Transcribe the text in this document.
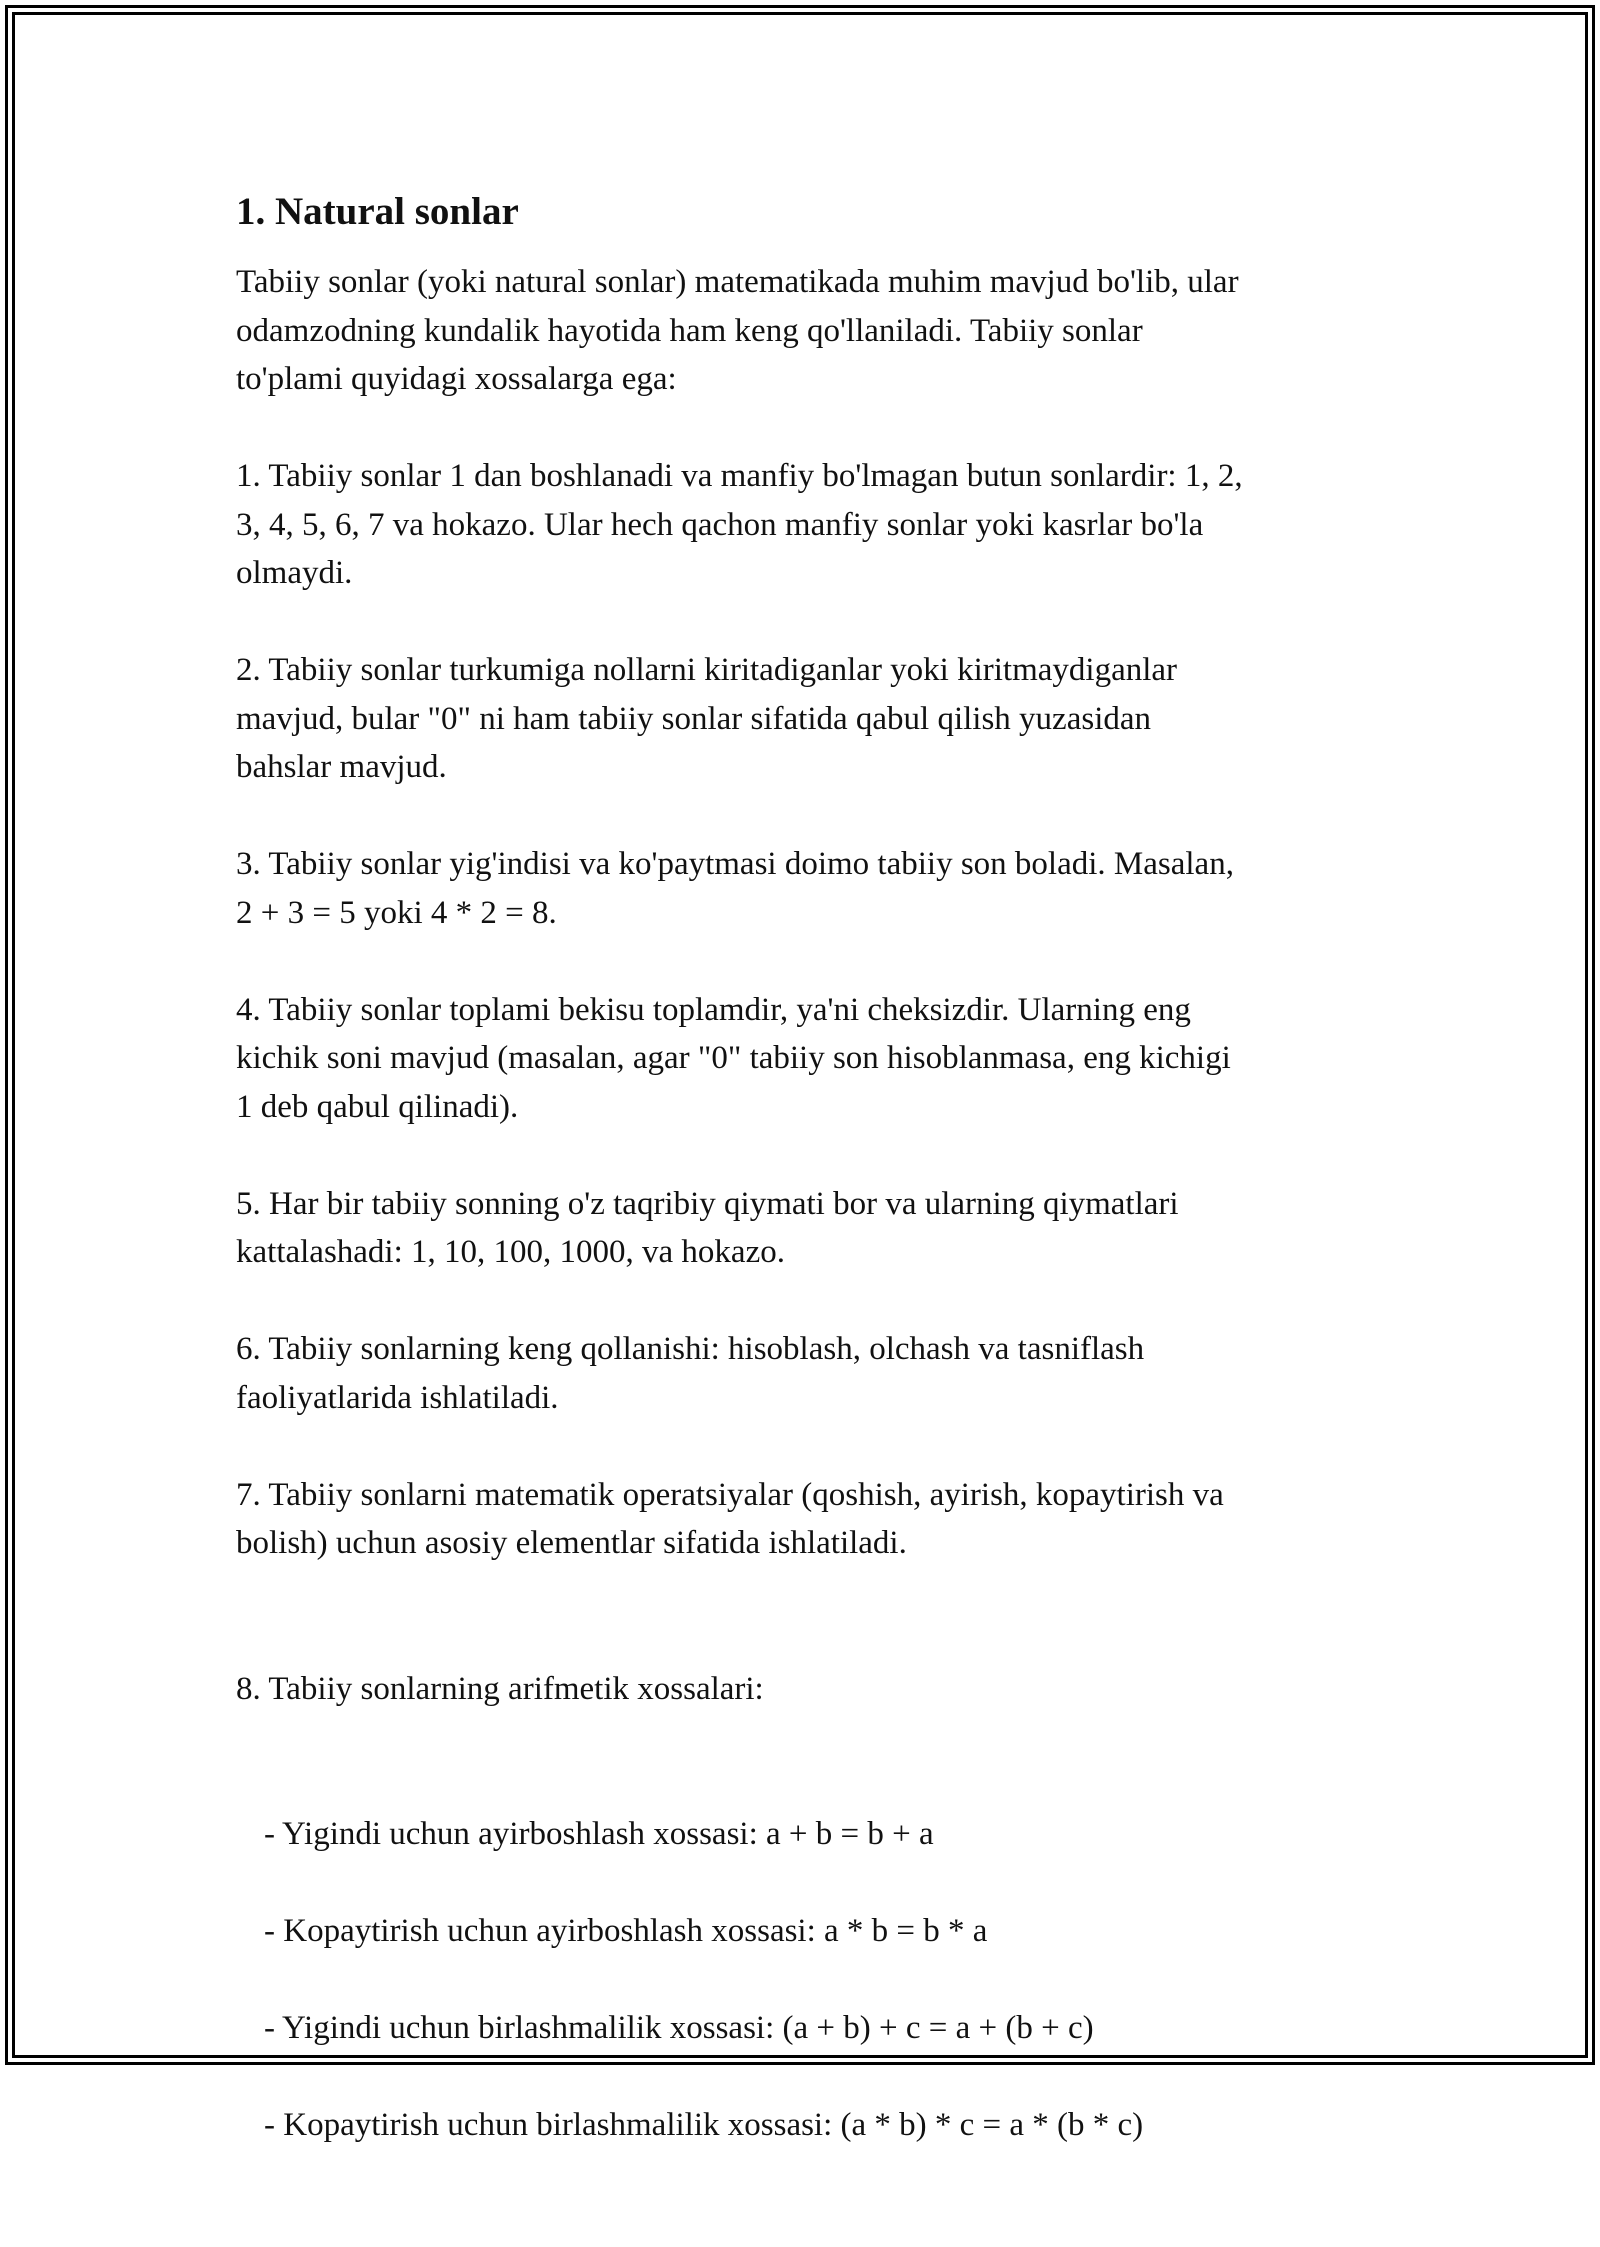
1. Natural sonlar
Tabiiy sonlar (yoki natural sonlar) matematikada muhim mavjud bo'lib, ular
odamzodning kundalik hayotida ham keng qo'llaniladi. Tabiiy sonlar
to'plami quyidagi xossalarga ega:
1. Tabiiy sonlar 1 dan boshlanadi va manfiy bo'lmagan butun sonlardir: 1, 2,
3, 4, 5, 6, 7 va hokazo. Ular hech qachon manfiy sonlar yoki kasrlar bo'la
olmaydi.
2. Tabiiy sonlar turkumiga nollarni kiritadiganlar yoki kiritmaydiganlar
mavjud, bular "0" ni ham tabiiy sonlar sifatida qabul qilish yuzasidan
bahslar mavjud.
3. Tabiiy sonlar yig'indisi va ko'paytmasi doimo tabiiy son boladi. Masalan,
2 + 3 = 5 yoki 4 * 2 = 8.
4. Tabiiy sonlar toplami bekisu toplamdir, ya'ni cheksizdir. Ularning eng
kichik soni mavjud (masalan, agar "0" tabiiy son hisoblanmasa, eng kichigi
1 deb qabul qilinadi).
5. Har bir tabiiy sonning o'z taqribiy qiymati bor va ularning qiymatlari
kattalashadi: 1, 10, 100, 1000, va hokazo.
6. Tabiiy sonlarning keng qollanishi: hisoblash, olchash va tasniflash
faoliyatlarida ishlatiladi.
7. Tabiiy sonlarni matematik operatsiyalar (qoshish, ayirish, kopaytirish va
bolish) uchun asosiy elementlar sifatida ishlatiladi.

8. Tabiiy sonlarning arifmetik xossalari:

- Yigindi uchun ayirboshlash xossasi: a + b = b + a

- Kopaytirish uchun ayirboshlash xossasi: a * b = b * a

- Yigindi uchun birlashmalilik xossasi: (a + b) + c = a + (b + c)

- Kopaytirish uchun birlashmalilik xossasi: (a * b) * c = a * (b * c)
